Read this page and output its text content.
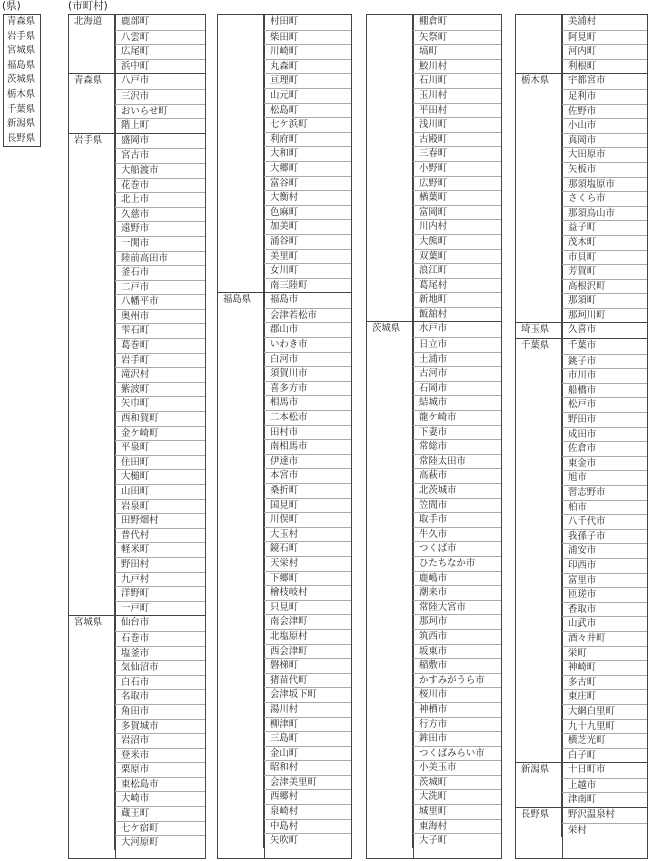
(県)	(市町村)
青森県
岩手県
宮城県
福島県
茨城県
栃木県
千葉県
新潟県
長野県
北海道	鹿部町
八雲町
広尾町
浜中町
青森県	八戸市
三沢市
おいらせ町
階上町
岩手県	盛岡市
宮古市
大船渡市
花巻市
北上市
久慈市
遠野市
一関市
陸前高田市
釜石市
二戸市
八幡平市
奥州市
雫石町
葛巻町
岩手町
滝沢村
紫波町
矢巾町
西和賀町
金ケ崎町
平泉町
住田町
大槌町
山田町
岩泉町
田野畑村
普代村
軽米町
野田村
九戸村
洋野町
一戸町
宮城県	仙台市
石巻市
塩釜市
気仙沼市
白石市
名取市
角田市
多賀城市
岩沼市
登米市
栗原市
東松島市
大崎市
蔵王町
七ケ宿町
大河原町
村田町
柴田町
川崎町
丸森町
亘理町
山元町
松島町
七ケ浜町
利府町
大和町
大郷町
富谷町
大衡村
色麻町
加美町
涌谷町
美里町
女川町
南三陸町
福島県	福島市
会津若松市
郡山市
いわき市
白河市
須賀川市
喜多方市
相馬市
二本松市
田村市
南相馬市
伊達市
本宮市
桑折町
国見町
川俣町
大玉村
鏡石町
天栄村
下郷町
檜枝岐村
只見町
南会津町
北塩原村
西会津町
磐梯町
猪苗代町
会津坂下町
湯川村
柳津町
三島町
金山町
昭和村
会津美里町
西郷村
泉崎村
中島村
矢吹町
棚倉町
矢祭町
塙町
鮫川村
石川町
玉川村
平田村
浅川町
古殿町
三春町
小野町
広野町
楢葉町
富岡町
川内村
大熊町
双葉町
浪江町
葛尾村
新地町
飯舘村
茨城県	水戸市
日立市
土浦市
古河市
石岡市
結城市
龍ケ崎市
下妻市
常総市
常陸太田市
高萩市
北茨城市
笠間市
取手市
牛久市
つくば市
ひたちなか市
鹿嶋市
潮来市
常陸大宮市
那珂市
筑西市
坂東市
稲敷市
かすみがうら市
桜川市
神栖市
行方市
鉾田市
つくばみらい市
小美玉市
茨城町
大洗町
城里町
東海村
大子町
美浦村
阿見町
河内町
利根町
栃木県	宇都宮市
足利市
佐野市
小山市
真岡市
大田原市
矢板市
那須塩原市
さくら市
那須烏山市
益子町
茂木町
市貝町
芳賀町
高根沢町
那須町
那珂川町
埼玉県	久喜市
千葉県	千葉市
銚子市
市川市
船橋市
松戸市
野田市
成田市
佐倉市
東金市
旭市
習志野市
柏市
八千代市
我孫子市
浦安市
印西市
富里市
匝瑳市
香取市
山武市
酒々井町
栄町
神崎町
多古町
東庄町
大網白里町
九十九里町
横芝光町
白子町
新潟県	十日町市
上越市
津南町
長野県	野沢温泉村
栄村
